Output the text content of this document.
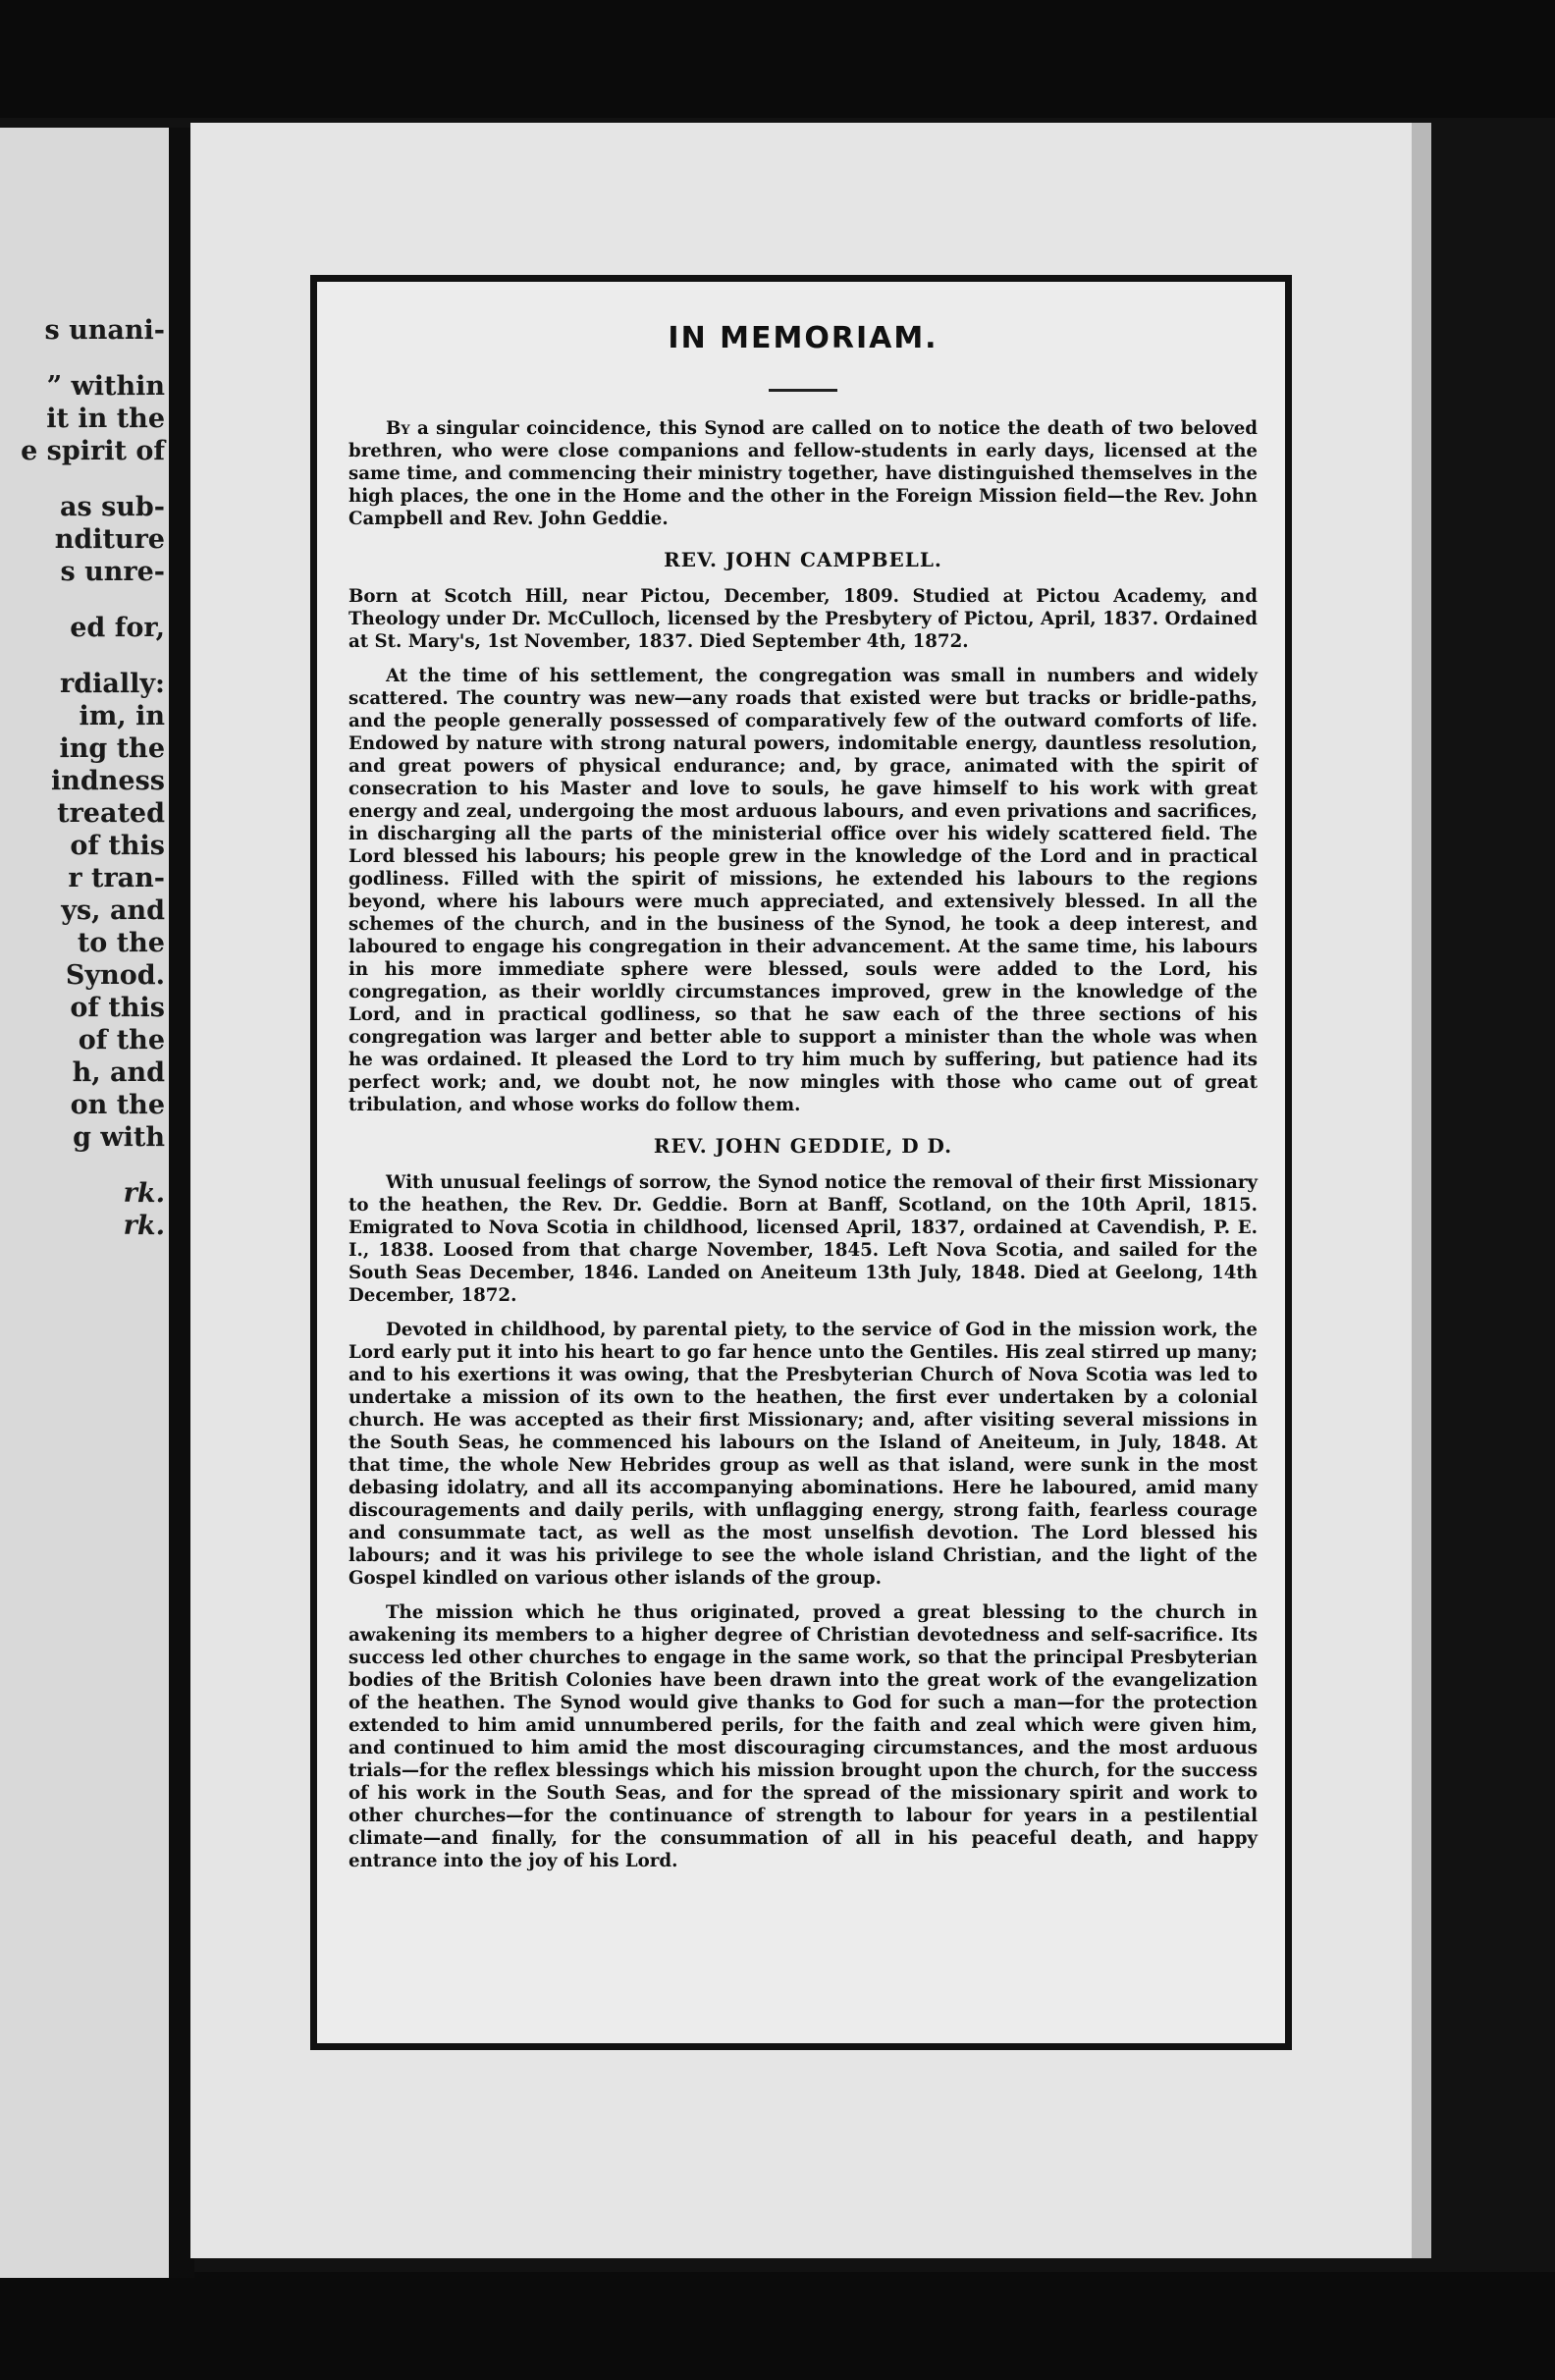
s unani-
” within
it in the
e spirit of
as sub-
nditure
s unre-
ed for,
rdially:
im, in
ing the
indness
treated
of this
r tran-
ys, and
to the
Synod.
of this
of the
h, and
on the
g with
rk.
rk.
IN MEMORIAM.

By a singular coincidence, this Synod are called on to notice the death of two beloved brethren, who were close companions and fellow-students in early days, licensed at the same time, and commencing their ministry together, have distinguished themselves in the high places, the one in the Home and the other in the Foreign Mission field—the Rev. John Campbell and Rev. John Geddie.

REV. JOHN CAMPBELL.

Born at Scotch Hill, near Pictou, December, 1809. Studied at Pictou Academy, and Theology under Dr. McCulloch, licensed by the Presbytery of Pictou, April, 1837. Ordained at St. Mary's, 1st November, 1837. Died September 4th, 1872.

At the time of his settlement, the congregation was small in numbers and widely scattered. The country was new—any roads that existed were but tracks or bridle-paths, and the people generally possessed of comparatively few of the outward comforts of life. Endowed by nature with strong natural powers, indomitable energy, dauntless resolution, and great powers of physical endurance; and, by grace, animated with the spirit of consecration to his Master and love to souls, he gave himself to his work with great energy and zeal, undergoing the most arduous labours, and even privations and sacrifices, in discharging all the parts of the ministerial office over his widely scattered field. The Lord blessed his labours; his people grew in the knowledge of the Lord and in practical godliness. Filled with the spirit of missions, he extended his labours to the regions beyond, where his labours were much appreciated, and extensively blessed. In all the schemes of the church, and in the business of the Synod, he took a deep interest, and laboured to engage his congregation in their advancement. At the same time, his labours in his more immediate sphere were blessed, souls were added to the Lord, his congregation, as their worldly circumstances improved, grew in the knowledge of the Lord, and in practical godliness, so that he saw each of the three sections of his congregation was larger and better able to support a minister than the whole was when he was ordained. It pleased the Lord to try him much by suffering, but patience had its perfect work; and, we doubt not, he now mingles with those who came out of great tribulation, and whose works do follow them.

REV. JOHN GEDDIE, D D.

With unusual feelings of sorrow, the Synod notice the removal of their first Missionary to the heathen, the Rev. Dr. Geddie. Born at Banff, Scotland, on the 10th April, 1815. Emigrated to Nova Scotia in childhood, licensed April, 1837, ordained at Cavendish, P. E. I., 1838. Loosed from that charge November, 1845. Left Nova Scotia, and sailed for the South Seas December, 1846. Landed on Aneiteum 13th July, 1848. Died at Geelong, 14th December, 1872.

Devoted in childhood, by parental piety, to the service of God in the mission work, the Lord early put it into his heart to go far hence unto the Gentiles. His zeal stirred up many; and to his exertions it was owing, that the Presbyterian Church of Nova Scotia was led to undertake a mission of its own to the heathen, the first ever undertaken by a colonial church. He was accepted as their first Missionary; and, after visiting several missions in the South Seas, he commenced his labours on the Island of Aneiteum, in July, 1848. At that time, the whole New Hebrides group as well as that island, were sunk in the most debasing idolatry, and all its accompanying abominations. Here he laboured, amid many discouragements and daily perils, with unflagging energy, strong faith, fearless courage and consummate tact, as well as the most unselfish devotion. The Lord blessed his labours; and it was his privilege to see the whole island Christian, and the light of the Gospel kindled on various other islands of the group.

The mission which he thus originated, proved a great blessing to the church in awakening its members to a higher degree of Christian devotedness and self-sacrifice. Its success led other churches to engage in the same work, so that the principal Presbyterian bodies of the British Colonies have been drawn into the great work of the evangelization of the heathen. The Synod would give thanks to God for such a man—for the protection extended to him amid unnumbered perils, for the faith and zeal which were given him, and continued to him amid the most discouraging circumstances, and the most arduous trials—for the reflex blessings which his mission brought upon the church, for the success of his work in the South Seas, and for the spread of the missionary spirit and work to other churches—for the continuance of strength to labour for years in a pestilential climate—and finally, for the consummation of all in his peaceful death, and happy entrance into the joy of his Lord.
